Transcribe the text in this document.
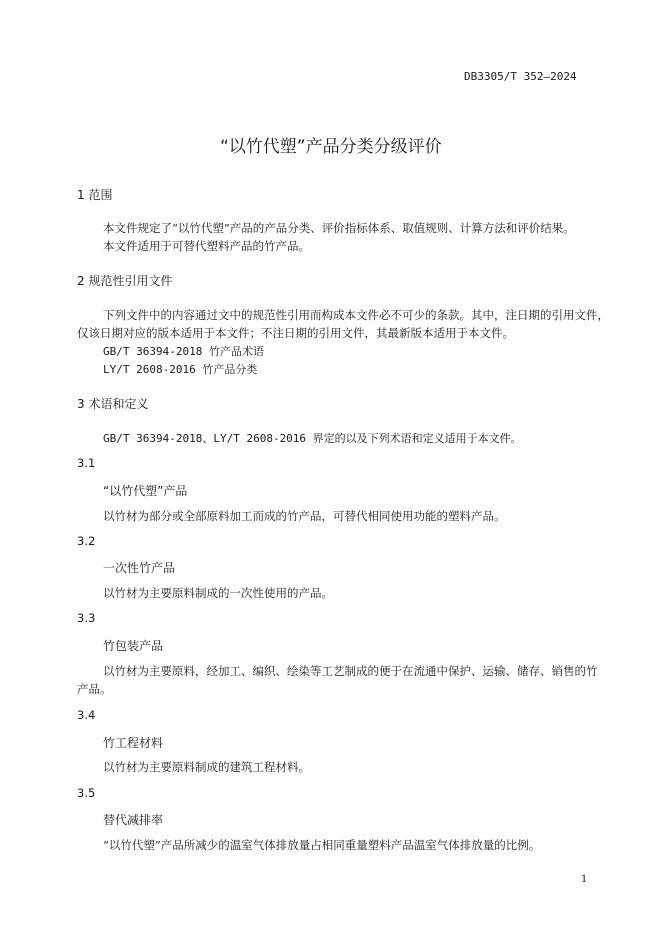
DB3305/T 352—2024
“以竹代塑”产品分类分级评价
1 范围
本文件规定了“以竹代塑”产品的产品分类、评价指标体系、取值规则、计算方法和评价结果。
本文件适用于可替代塑料产品的竹产品。
2 规范性引用文件
下列文件中的内容通过文中的规范性引用而构成本文件必不可少的条款。其中，注日期的引用文件，
仅该日期对应的版本适用于本文件；不注日期的引用文件，其最新版本适用于本文件。
GB/T 36394-2018 竹产品术语
LY/T 2608-2016 竹产品分类
3 术语和定义
GB/T 36394-2018、LY/T 2608-2016 界定的以及下列术语和定义适用于本文件。
3.1
“以竹代塑”产品
以竹材为部分或全部原料加工而成的竹产品，可替代相同使用功能的塑料产品。
3.2
一次性竹产品
以竹材为主要原料制成的一次性使用的产品。
3.3
竹包装产品
以竹材为主要原料，经加工、编织、绘染等工艺制成的便于在流通中保护、运输、储存、销售的竹
产品。
3.4
竹工程材料
以竹材为主要原料制成的建筑工程材料。
3.5
替代减排率
“以竹代塑”产品所减少的温室气体排放量占相同重量塑料产品温室气体排放量的比例。
1
